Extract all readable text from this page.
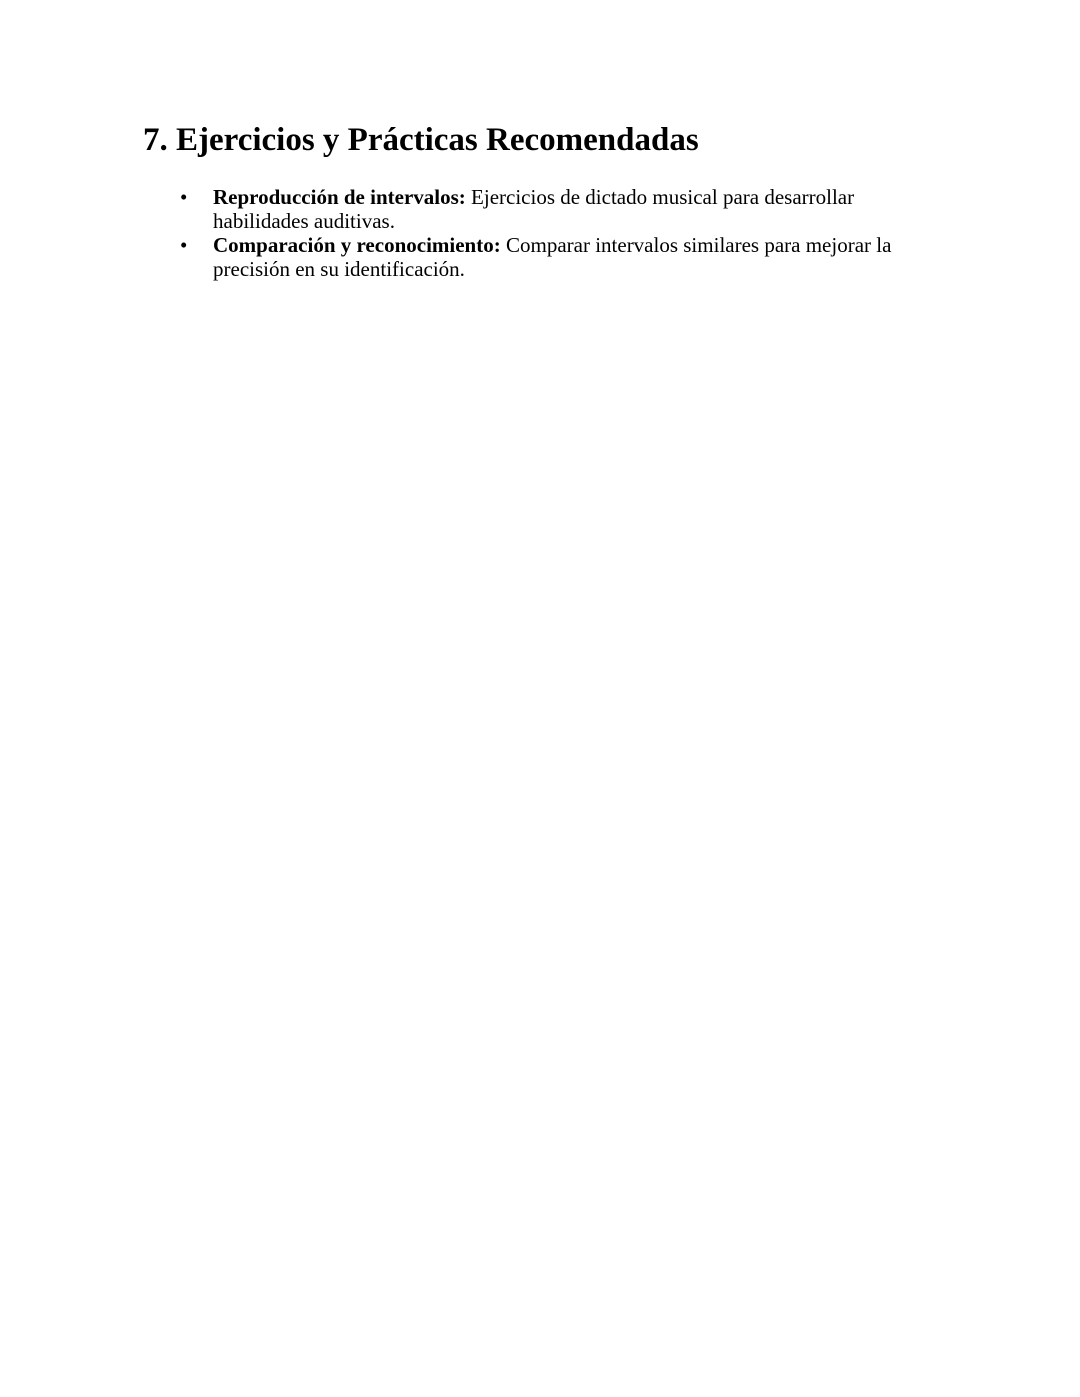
7. Ejercicios y Prácticas Recomendadas
• Reproducción de intervalos: Ejercicios de dictado musical para desarrollar habilidades auditivas.
• Comparación y reconocimiento: Comparar intervalos similares para mejorar la precisión en su identificación.
